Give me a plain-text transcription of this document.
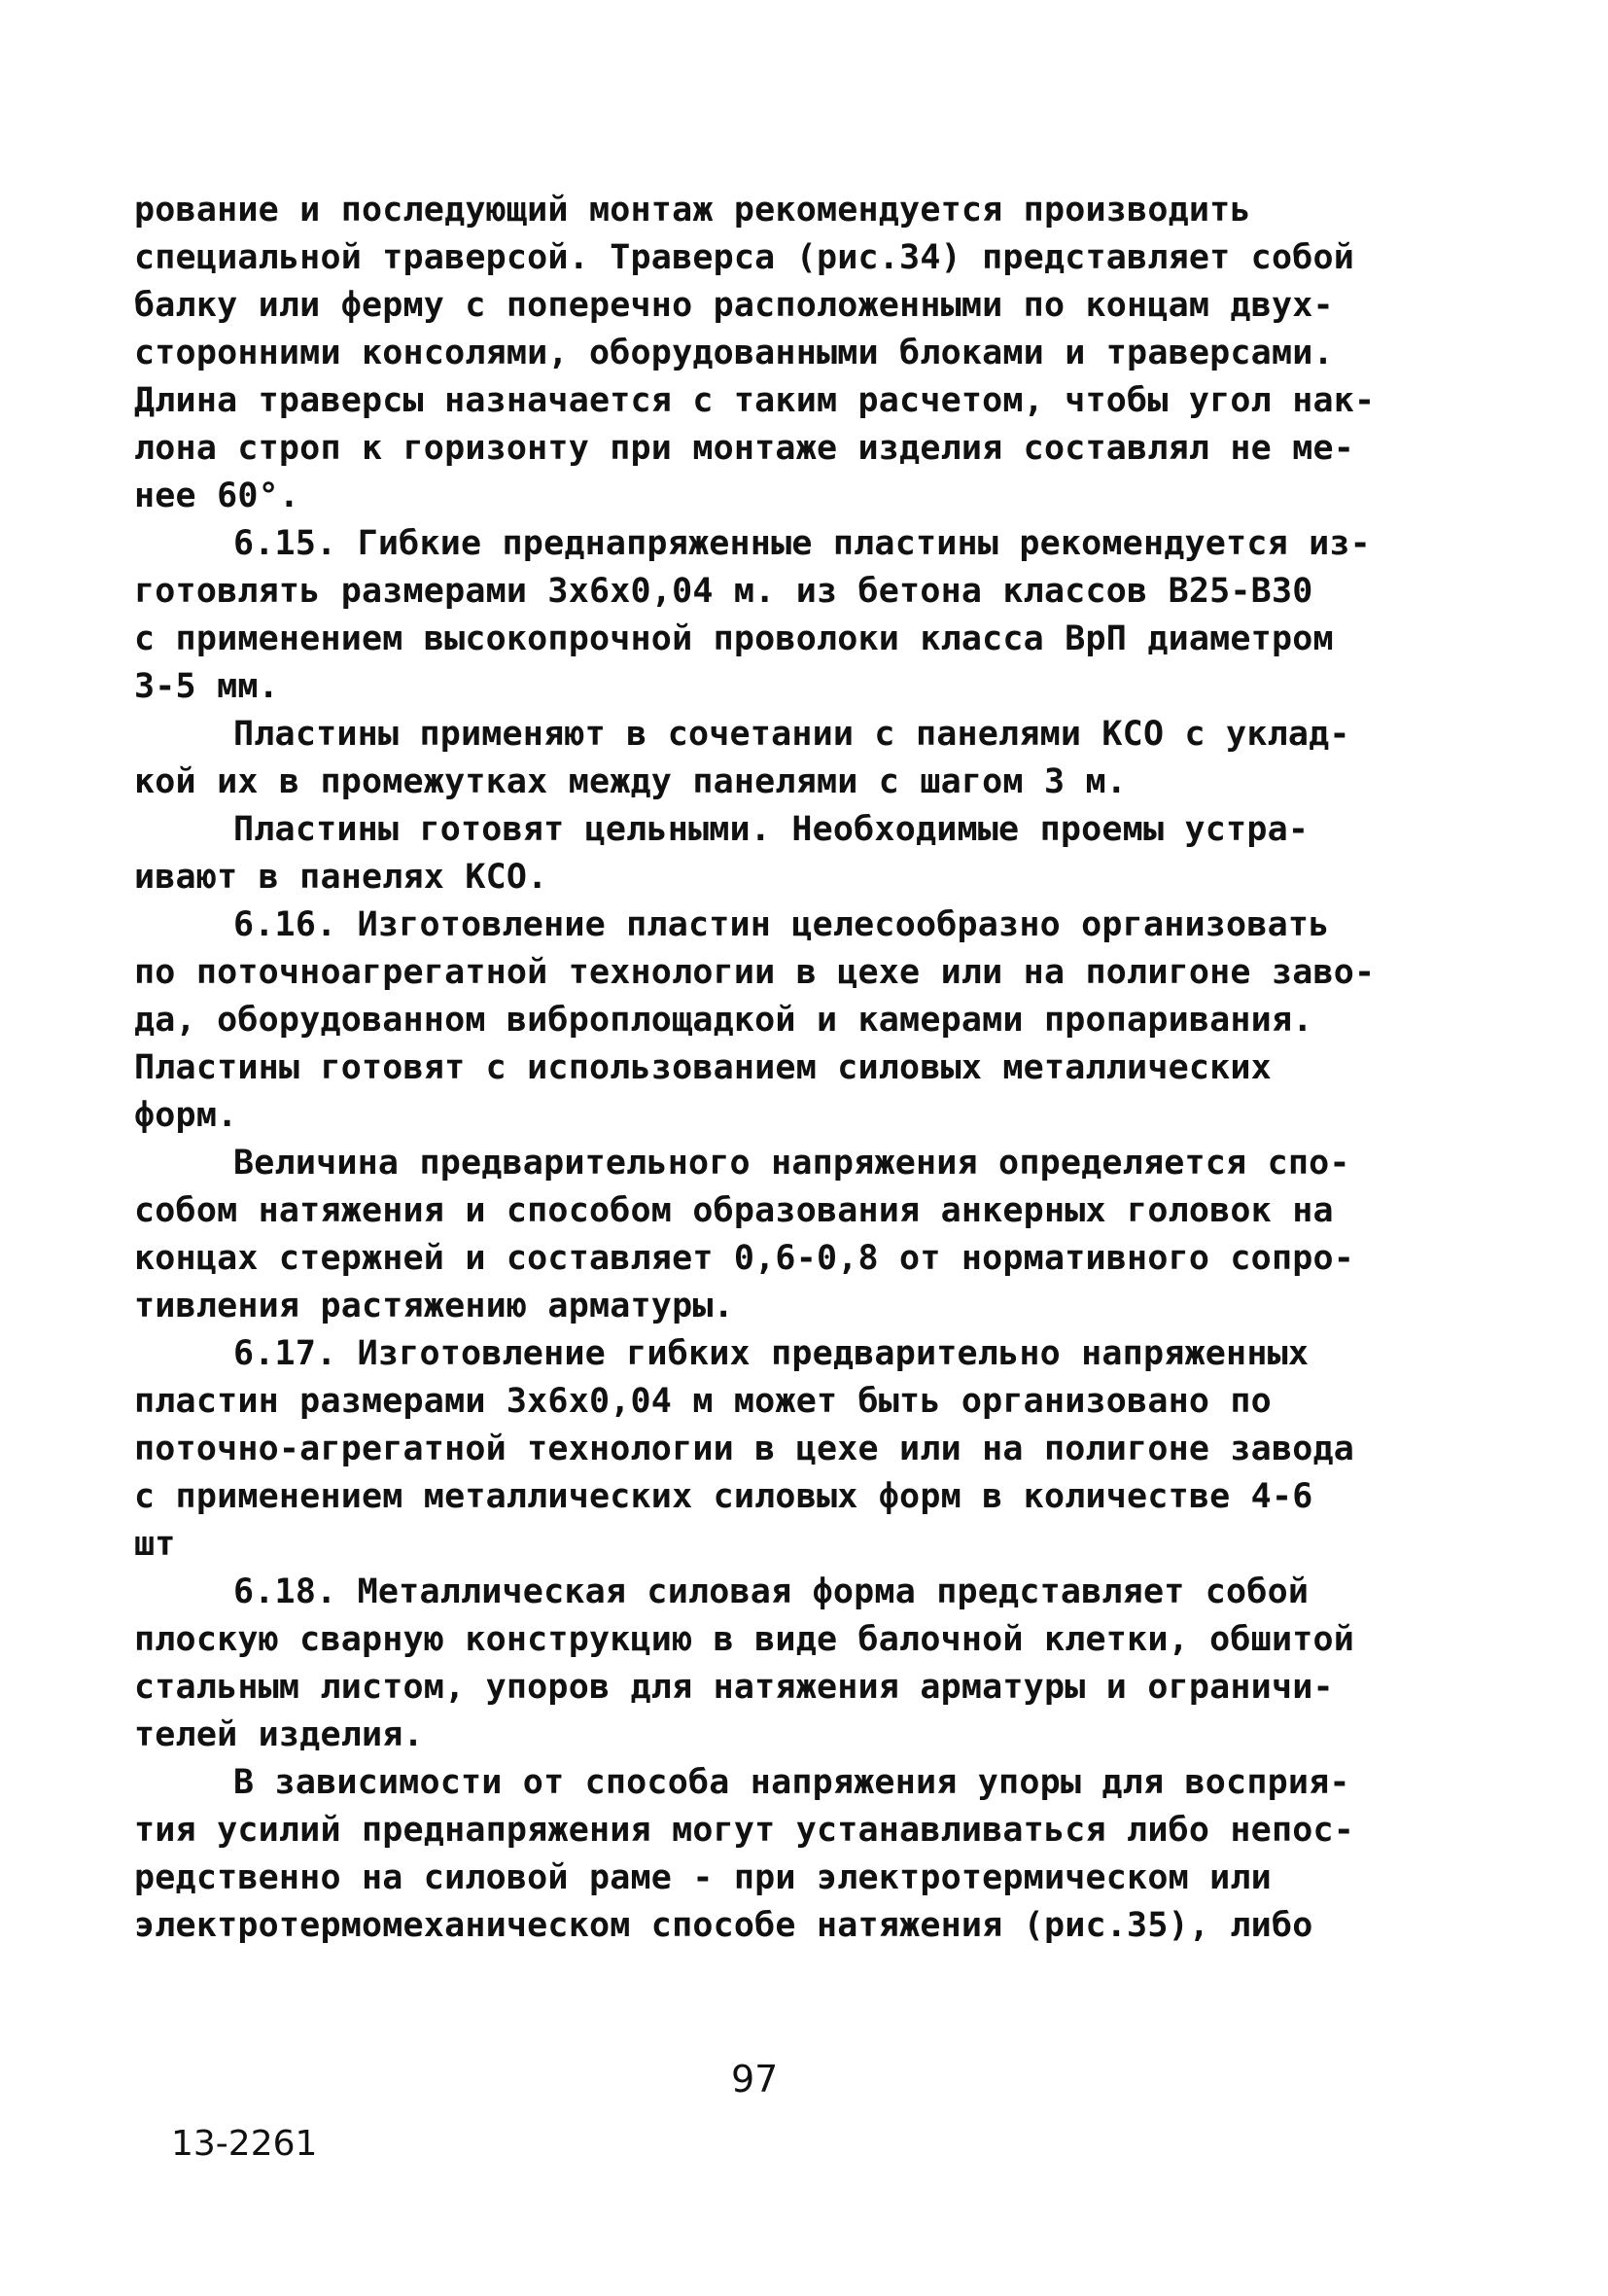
рование и последующий монтаж рекомендуется производить
специальной траверсой. Траверса (рис.34) представляет собой
балку или ферму с поперечно расположенными по концам двух-
сторонними консолями, оборудованными блоками и траверсами.
Длина траверсы назначается с таким расчетом, чтобы угол нак-
лона строп к горизонту при монтаже изделия составлял не ме-
нее 60°.
6.15. Гибкие преднапряженные пластины рекомендуется из-
готовлять размерами 3х6х0,04 м. из бетона классов В25-В30
с применением высокопрочной проволоки класса ВрП диаметром
3-5 мм.
Пластины применяют в сочетании с панелями КСО с уклад-
кой их в промежутках между панелями с шагом 3 м.
Пластины готовят цельными. Необходимые проемы устра-
ивают в панелях КСО.
6.16. Изготовление пластин целесообразно организовать
по поточноагрегатной технологии в цехе или на полигоне заво-
да, оборудованном виброплощадкой и камерами пропаривания.
Пластины готовят с использованием силовых металлических
форм.
Величина предварительного напряжения определяется спо-
собом натяжения и способом образования анкерных головок на
концах стержней и составляет 0,6-0,8 от нормативного сопро-
тивления растяжению арматуры.
6.17. Изготовление гибких предварительно напряженных
пластин размерами 3х6х0,04 м может быть организовано по
поточно-агрегатной технологии в цехе или на полигоне завода
с применением металлических силовых форм в количестве 4-6
шт
6.18. Металлическая силовая форма представляет собой
плоскую сварную конструкцию в виде балочной клетки, обшитой
стальным листом, упоров для натяжения арматуры и ограничи-
телей изделия.
В зависимости от способа напряжения упоры для восприя-
тия усилий преднапряжения могут устанавливаться либо непос-
редственно на силовой раме - при электротермическом или
электротермомеханическом способе натяжения (рис.35), либо
97
13-2261
